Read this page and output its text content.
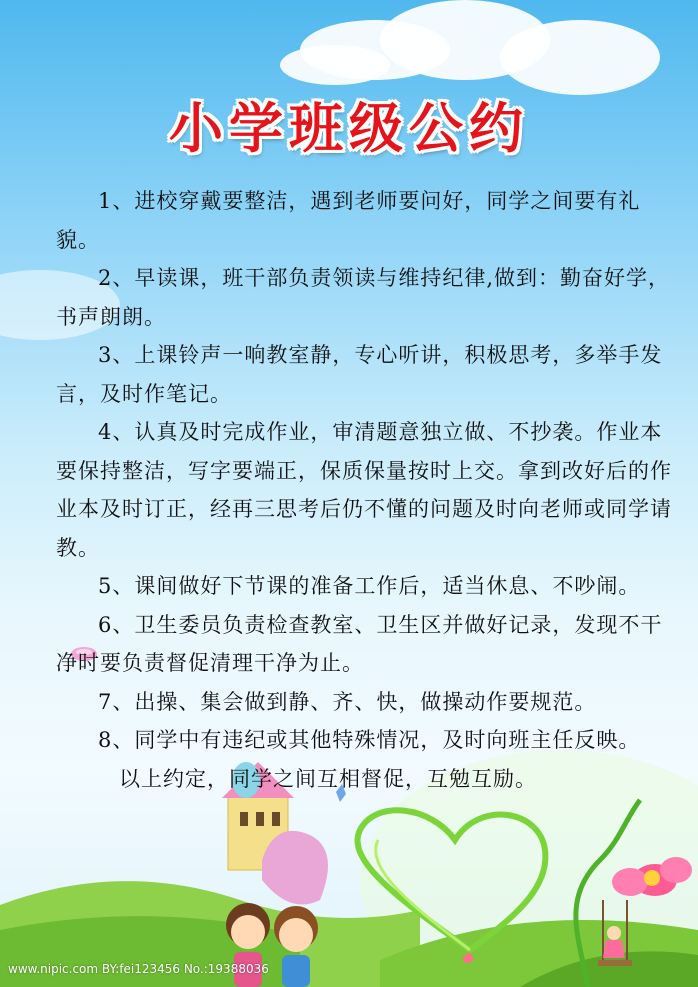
小学班级公约

1、进校穿戴要整洁，遇到老师要问好，同学之间要有礼貌。

2、早读课，班干部负责领读与维持纪律,做到：勤奋好学，书声朗朗。

3、上课铃声一响教室静，专心听讲，积极思考，多举手发言，及时作笔记。

4、认真及时完成作业，审清题意独立做、不抄袭。作业本要保持整洁，写字要端正，保质保量按时上交。拿到改好后的作业本及时订正，经再三思考后仍不懂的问题及时向老师或同学请教。

5、课间做好下节课的准备工作后，适当休息、不吵闹。

6、卫生委员负责检查教室、卫生区并做好记录，发现不干净时要负责督促清理干净为止。

7、出操、集会做到静、齐、快，做操动作要规范。

8、同学中有违纪或其他特殊情况，及时向班主任反映。

以上约定，同学之间互相督促，互勉互励。

www.nipic.com BY:fei123456 No.:19388036
